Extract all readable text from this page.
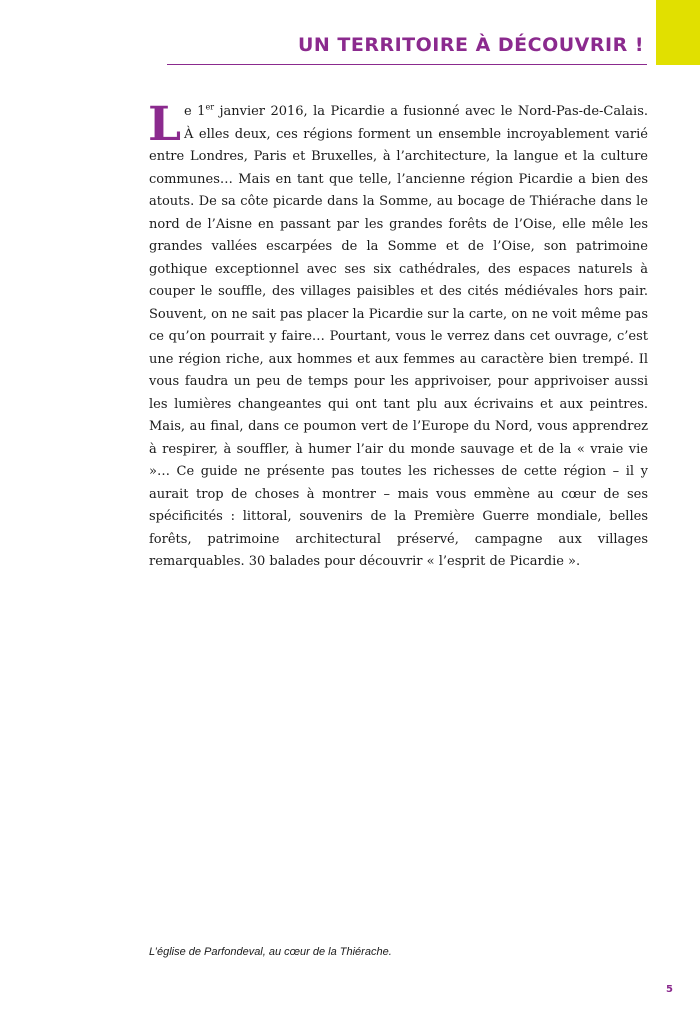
UN TERRITOIRE À DÉCOUVRIR !

Le 1er janvier 2016, la Picardie a fusionné avec le Nord-Pas-de-Calais. À elles deux, ces régions forment un ensemble incroyablement varié entre Londres, Paris et Bruxelles, à l’architecture, la langue et la culture communes… Mais en tant que telle, l’ancienne région Picardie a bien des atouts. De sa côte picarde dans la Somme, au bocage de Thiérache dans le nord de l’Aisne en passant par les grandes forêts de l’Oise, elle mêle les grandes vallées escarpées de la Somme et de l’Oise, son patrimoine gothique exceptionnel avec ses six cathédrales, des espaces naturels à couper le souffle, des villages paisibles et des cités médiévales hors pair. Souvent, on ne sait pas placer la Picardie sur la carte, on ne voit même pas ce qu’on pourrait y faire… Pourtant, vous le verrez dans cet ouvrage, c’est une région riche, aux hommes et aux femmes au caractère bien trempé. Il vous faudra un peu de temps pour les apprivoiser, pour apprivoiser aussi les lumières changeantes qui ont tant plu aux écrivains et aux peintres. Mais, au final, dans ce poumon vert de l’Europe du Nord, vous apprendrez à respirer, à souffler, à humer l’air du monde sauvage et de la « vraie vie »… Ce guide ne présente pas toutes les richesses de cette région – il y aurait trop de choses à montrer – mais vous emmène au cœur de ses spécificités : littoral, souvenirs de la Première Guerre mondiale, belles forêts, patrimoine architectural préservé, campagne aux villages remarquables. 30 balades pour découvrir « l’esprit de Picardie ».

L’église de Parfondeval, au cœur de la Thiérache.

5
